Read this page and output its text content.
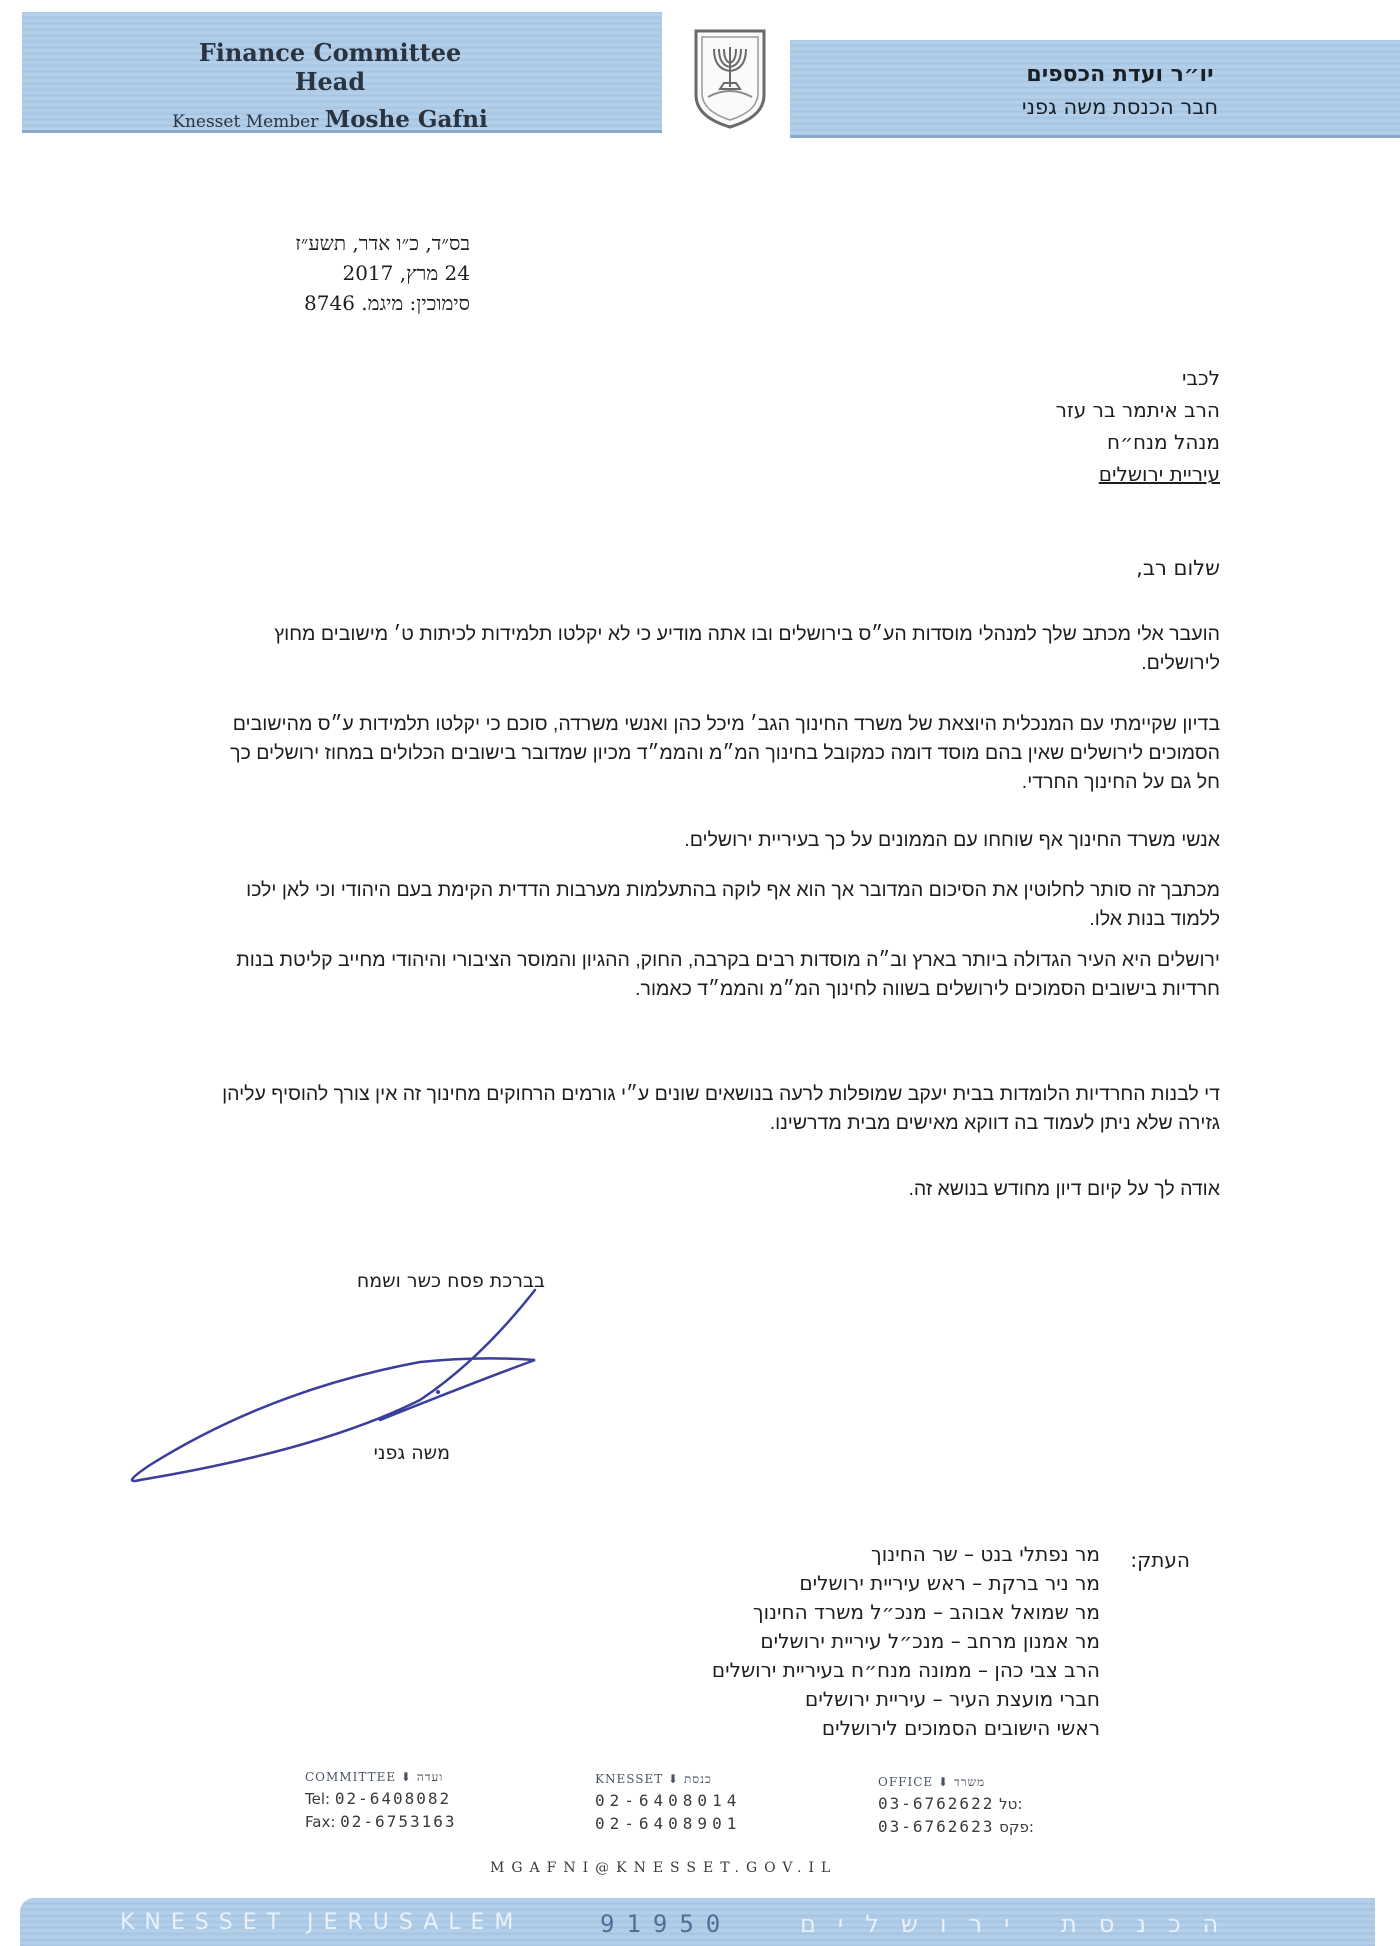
Finance Committee Head
Knesset Member Moshe Gafni
יו״ר ועדת הכספים
חבר הכנסת משה גפני
בס״ד, כ״ו אדר, תשע״ז
24 מרץ, 2017
סימוכין: מיגמ. 8746
לכבי
הרב איתמר בר עזר
מנהל מנח״ח
עיריית ירושלים
שלום רב,
הועבר אלי מכתב שלך למנהלי מוסדות הע״ס בירושלים ובו אתה מודיע כי לא יקלטו תלמידות לכיתות ט׳ מישובים מחוץ לירושלים.
בדיון שקיימתי עם המנכלית היוצאת של משרד החינוך הגב׳ מיכל כהן ואנשי משרדה, סוכם כי יקלטו תלמידות ע״ס מהישובים הסמוכים לירושלים שאין בהם מוסד דומה כמקובל בחינוך המ״מ והממ״ד מכיון שמדובר בישובים הכלולים במחוז ירושלים כך חל גם על החינוך החרדי.
אנשי משרד החינוך אף שוחחו עם הממונים על כך בעיריית ירושלים.
מכתבך זה סותר לחלוטין את הסיכום המדובר אך הוא אף לוקה בהתעלמות מערבות הדדית הקימת בעם היהודי וכי לאן ילכו ללמוד בנות אלו.
ירושלים היא העיר הגדולה ביותר בארץ וב״ה מוסדות רבים בקרבה, החוק, ההגיון והמוסר הציבורי והיהודי מחייב קליטת בנות חרדיות בישובים הסמוכים לירושלים בשווה לחינוך המ״מ והממ״ד כאמור.
די לבנות החרדיות הלומדות בבית יעקב שמופלות לרעה בנושאים שונים ע״י גורמים הרחוקים מחינוך זה אין צורך להוסיף עליהן גזירה שלא ניתן לעמוד בה דווקא מאישים מבית מדרשינו.
אודה לך על קיום דיון מחודש בנושא זה.
בברכת פסח כשר ושמח
משה גפני
העתק:
מר נפתלי בנט – שר החינוך
מר ניר ברקת – ראש עיריית ירושלים
מר שמואל אבוהב – מנכ״ל משרד החינוך
מר אמנון מרחב – מנכ״ל עיריית ירושלים
הרב צבי כהן – ממונה מנח״ח בעיריית ירושלים
חברי מועצת העיר – עיריית ירושלים
ראשי הישובים הסמוכים לירושלים
COMMITTEE ⬇ ועדה
Tel: 02-6408082
Fax: 02-6753163
KNESSET ⬇ כנסת
02-6408014
02-6408901
OFFICE ⬇ משרד
03-6762622 טל:
03-6762623 פקס:
MGAFNI@KNESSET.GOV.IL
KNESSET JERUSALEM	91950	הכנסת ירושלים
